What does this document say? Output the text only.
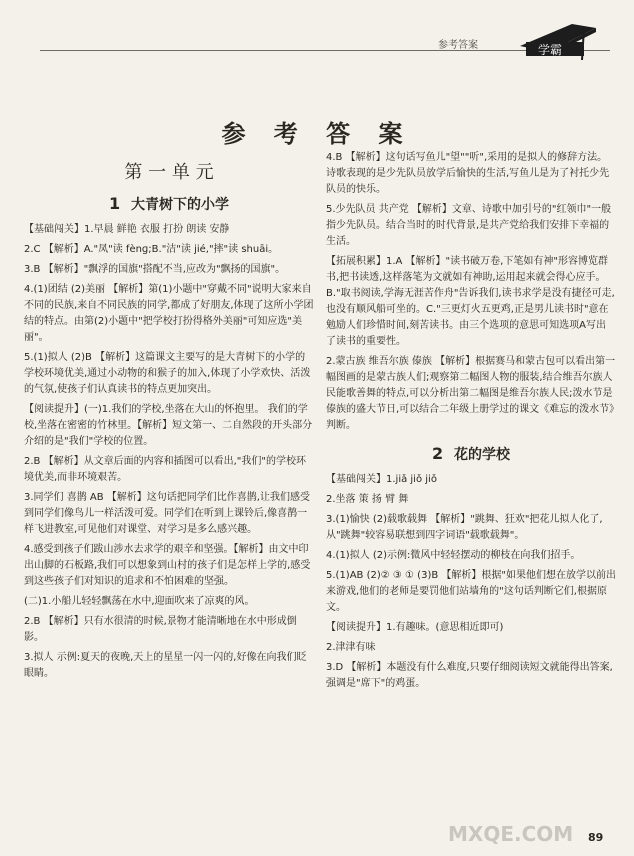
参考答案	学霸
参 考 答 案
第 一 单 元
1 大青树下的小学

【基础闯关】1.早晨 鲜艳 衣服 打扮 朗读 安静

2.C 【解析】A."凤"读 fènɡ;B."洁"读 jié,"摔"读 shuāi。

3.B 【解析】"飘浮的国旗"搭配不当,应改为"飘扬的国旗"。

4.(1)团结 (2)美丽 【解析】第(1)小题中"穿戴不同"说明大家来自不同的民族,来自不同民族的同学,都成了好朋友,体现了这所小学团结的特点。由第(2)小题中"把学校打扮得格外美丽"可知应选"美丽"。

5.(1)拟人 (2)B 【解析】这篇课文主要写的是大青树下的小学的学校环境优美,通过小动物的和猴子的加入,体现了小学欢快、活泼的气氛,使孩子们认真读书的特点更加突出。

【阅读提升】(一)1.我们的学校,坐落在大山的怀抱里。 我们的学校,坐落在密密的竹林里。【解析】短文第一、二自然段的开头部分介绍的是"我们"学校的位置。

2.B 【解析】从文章后面的内容和插图可以看出,"我们"的学校环境优美,而非环境艰苦。

3.同学们 喜鹊 AB 【解析】这句话把同学们比作喜鹊,让我们感受到同学们像鸟儿一样活泼可爱。同学们在听到上课铃后,像喜鹊一样飞进教室,可见他们对课堂、对学习是多么感兴趣。

4.感受到孩子们跋山涉水去求学的艰辛和坚强。【解析】由文中印出山脚的石板路,我们可以想象到山村的孩子们是怎样上学的,感受到这些孩子们对知识的追求和不怕困难的坚强。

(二)1.小船儿轻轻飘荡在水中,迎面吹来了凉爽的风。

2.B 【解析】只有水很清的时候,景物才能清晰地在水中形成倒影。

3.拟人 示例:夏天的夜晚,天上的星星一闪一闪的,好像在向我们眨眼睛。

4.B 【解析】这句话写鱼儿"望""听",采用的是拟人的修辞方法。诗歌表现的是少先队员放学后愉快的生活,写鱼儿是为了衬托少先队员的快乐。

5.少先队员 共产党 【解析】文章、诗歌中加引号的"红领巾"一般指少先队员。结合当时的时代背景,是共产党给我们安排下幸福的生活。

【拓展积累】1.A 【解析】"读书破万卷,下笔如有神"形容博览群书,把书读透,这样落笔为文就如有神助,运用起来就会得心应手。B."取书阅读,学海无涯苦作舟"告诉我们,读书求学是没有捷径可走,也没有顺风船可坐的。C."三更灯火五更鸡,正是男儿读书时"意在勉励人们珍惜时间,刻苦读书。由三个选项的意思可知选项A写出了读书的重要性。

2.蒙古族 维吾尔族 傣族 【解析】根据赛马和蒙古包可以看出第一幅图画的是蒙古族人们;观察第二幅图人物的服装,结合维吾尔族人民能歌善舞的特点,可以分析出第二幅图是维吾尔族人民;泼水节是傣族的盛大节日,可以结合二年级上册学过的课文《难忘的泼水节》判断。

2 花的学校

【基础闯关】1.jiǎ jiǒ jiǒ

2.坐落 策 扬 臂 舞

3.(1)愉快 (2)载歌载舞 【解析】"跳舞、狂欢"把花儿拟人化了,从"跳舞"较容易联想到四字词语"载歌载舞"。

4.(1)拟人 (2)示例:微风中轻轻摆动的柳枝在向我们招手。

5.(1)AB (2)② ③ ① (3)B 【解析】根据"如果他们想在放学以前出来游戏,他们的老师是要罚他们站墙角的"这句话判断它们,根据原文。

【阅读提升】1.有趣味。(意思相近即可)

2.津津有味

3.D 【解析】本题没有什么难度,只要仔细阅读短文就能得出答案,强调是"席下"的鸡蛋。

MXQE.COM 89
